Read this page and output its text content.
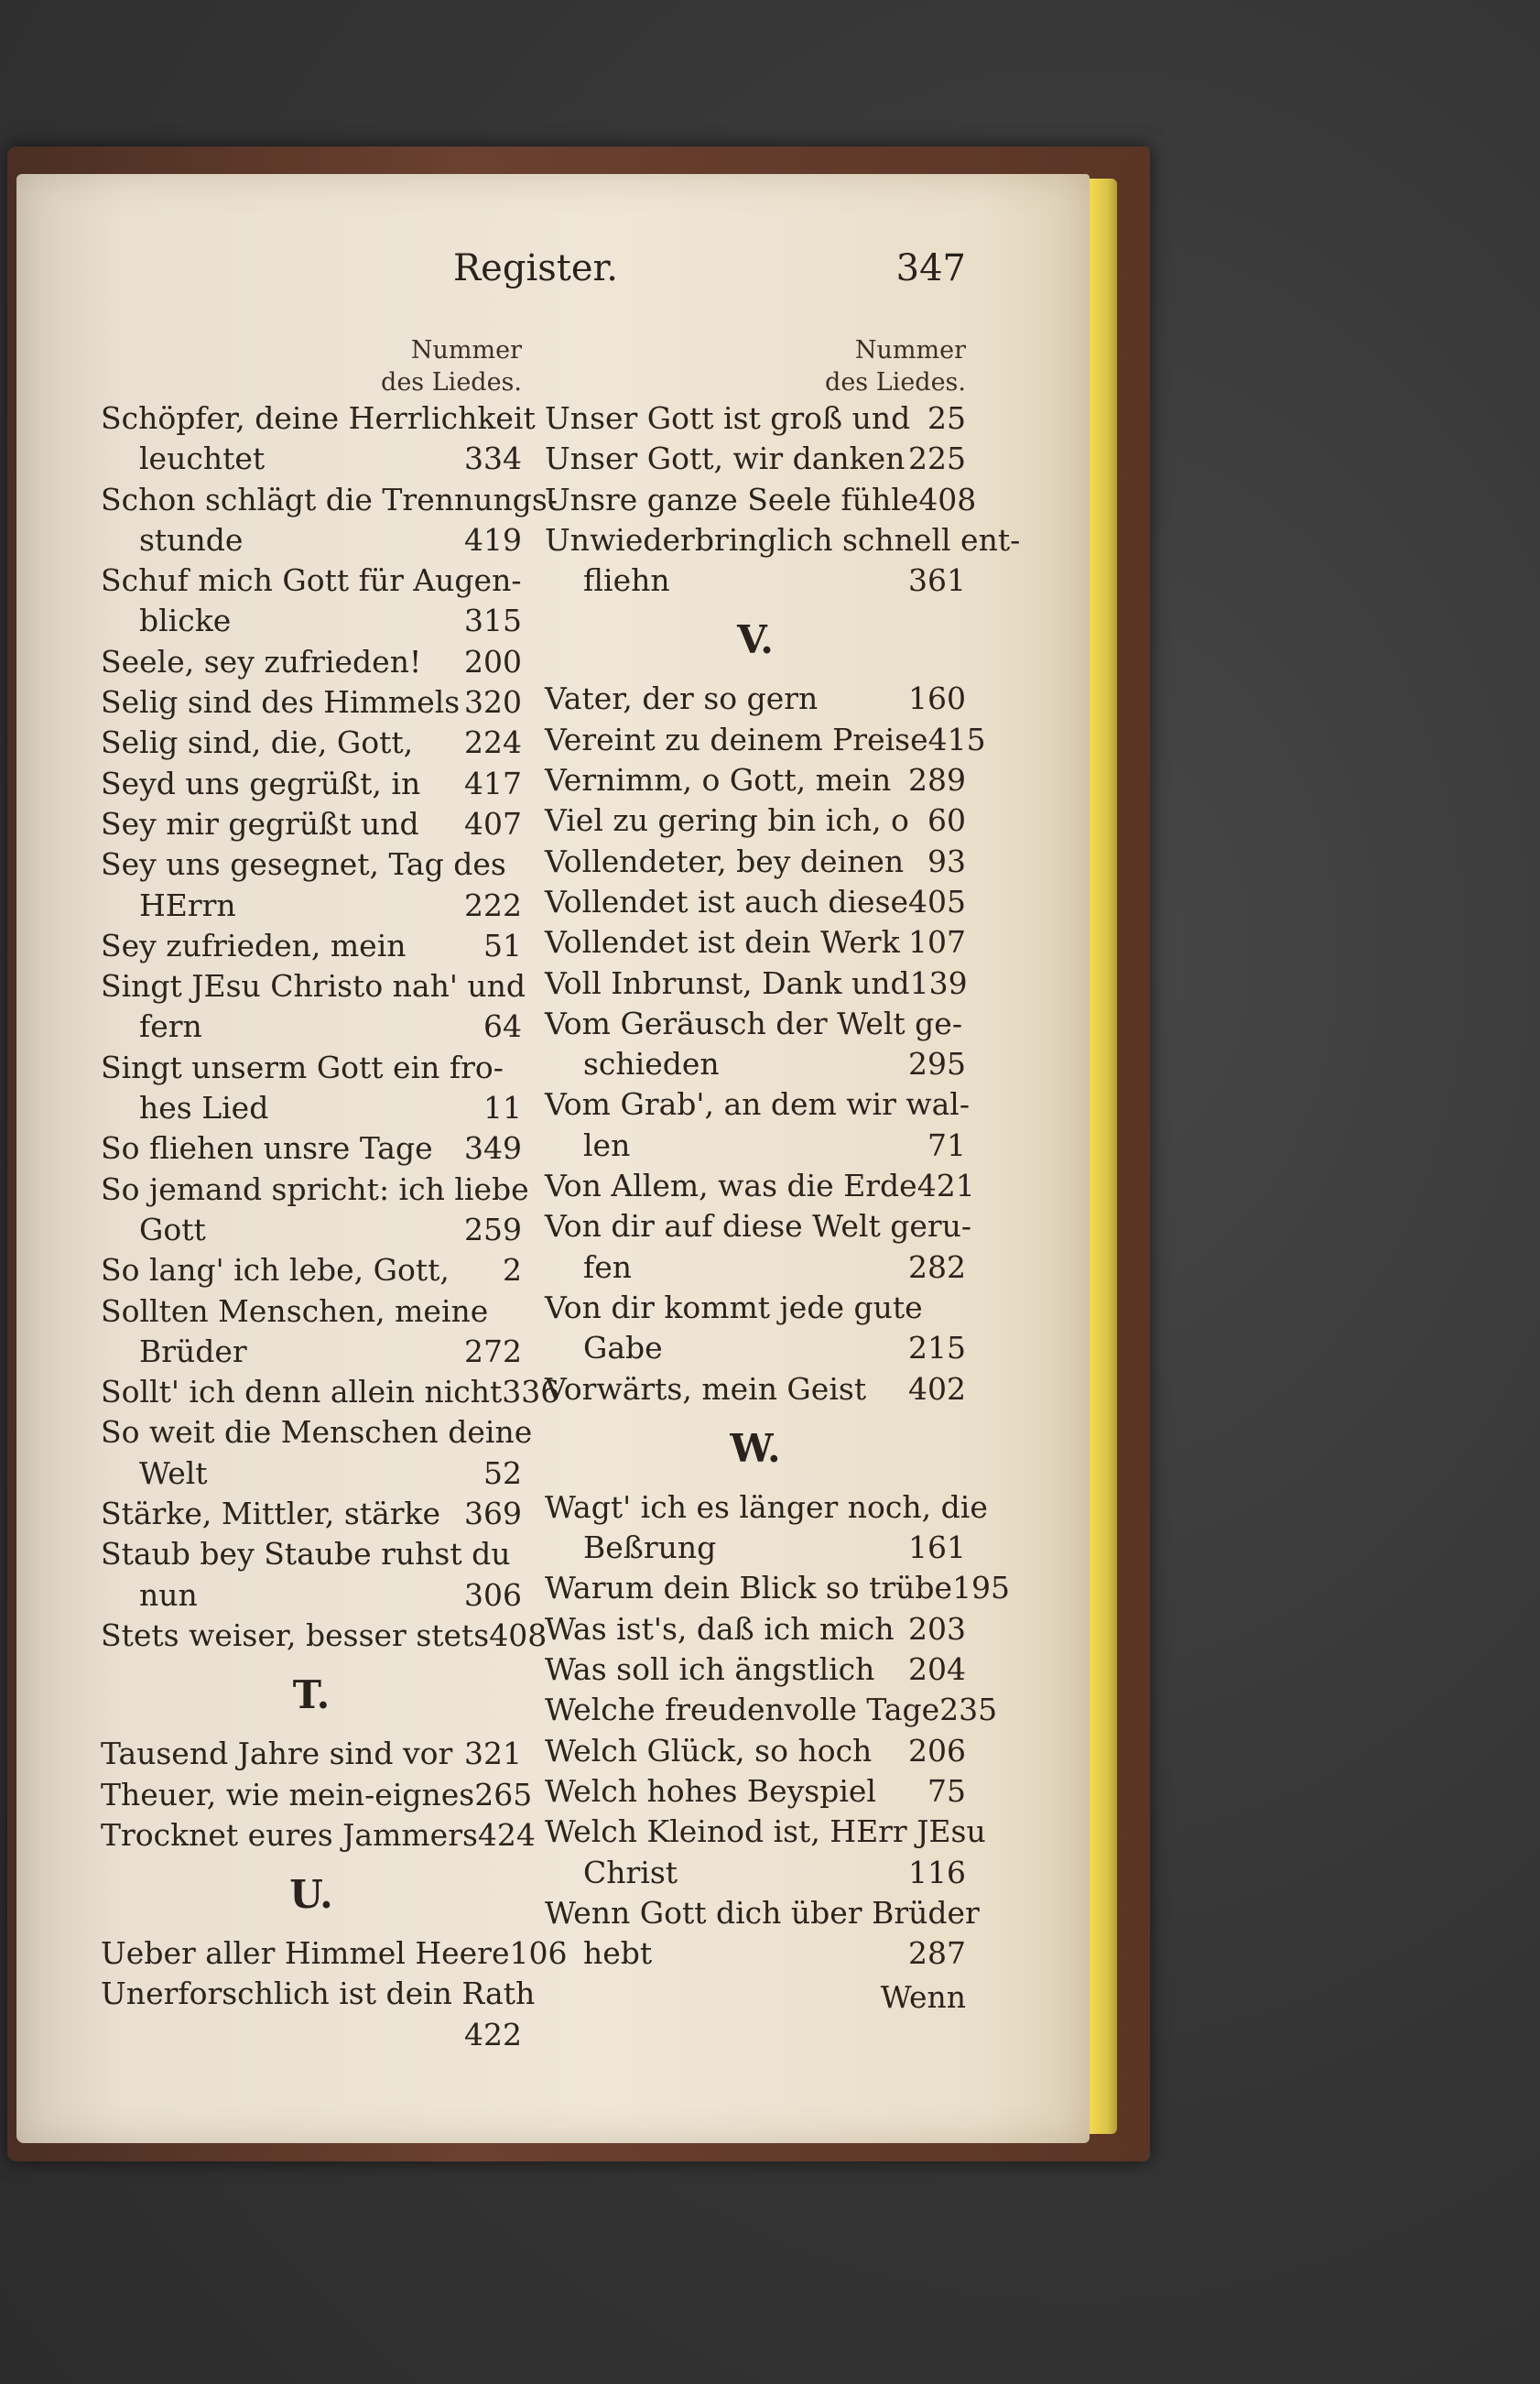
Register.	347
Nummer
des Liedes.
Schöpfer, deine Herrlichkeit
leuchtet	334
Schon schlägt die Trennungs-
stunde	419
Schuf mich Gott für Augen-
blicke	315
Seele, sey zufrieden! 200
Selig sind des Himmels 320
Selig sind, die, Gott, 224
Seyd uns gegrüßt, in 417
Sey mir gegrüßt und 407
Sey uns gesegnet, Tag des
HErrn	222
Sey zufrieden, mein	51
Singt JEsu Christo nah' und
fern	64
Singt unserm Gott ein fro-
hes Lied	11
So fliehen unsre Tage 349
So jemand spricht: ich liebe
Gott	259
So lang' ich lebe, Gott, 2
Sollten Menschen, meine
Brüder	272
Sollt' ich denn allein nicht 336
So weit die Menschen deine
Welt	52
Stärke, Mittler, stärke 369
Staub bey Staube ruhst du
nun	306
Stets weiser, besser stets 408
T.
Tausend Jahre sind vor 321
Theuer, wie mein-eignes 265
Trocknet eures Jammers 424
U.
Ueber aller Himmel Heere 106
Unerforschlich ist dein Rath
422
Nummer
des Liedes.
Unser Gott ist groß und 25
Unser Gott, wir danken 225
Unsre ganze Seele fühle 408
Unwiederbringlich schnell ent-
fliehn	361
V.
Vater, der so gern	160
Vereint zu deinem Preise 415
Vernimm, o Gott, mein 289
Viel zu gering bin ich, o 60
Vollendeter, bey deinen 93
Vollendet ist auch diese 405
Vollendet ist dein Werk 107
Voll Inbrunst, Dank und 139
Vom Geräusch der Welt ge-
schieden	295
Vom Grab', an dem wir wal-
len	71
Von Allem, was die Erde 421
Von dir auf diese Welt geru-
fen	282
Von dir kommt jede gute
Gabe	215
Vorwärts, mein Geist 402
W.
Wagt' ich es länger noch, die
Beßrung	161
Warum dein Blick so trübe 195
Was ist's, daß ich mich 203
Was soll ich ängstlich 204
Welche freudenvolle Tage 235
Welch Glück, so hoch 206
Welch hohes Beyspiel 75
Welch Kleinod ist, HErr JEsu
Christ	116
Wenn Gott dich über Brüder
hebt	287
Wenn
